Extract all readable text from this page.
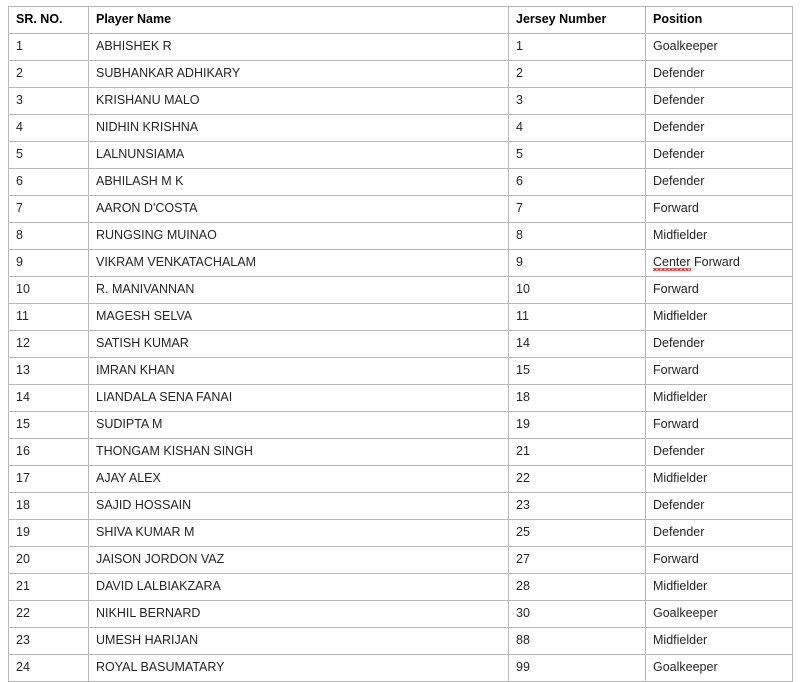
SR. NO.	Player Name	Jersey Number	Position
1	ABHISHEK R	1	Goalkeeper
2	SUBHANKAR ADHIKARY	2	Defender
3	KRISHANU MALO	3	Defender
4	NIDHIN KRISHNA	4	Defender
5	LALNUNSIAMA	5	Defender
6	ABHILASH M K	6	Defender
7	AARON D'COSTA	7	Forward
8	RUNGSING MUINAO	8	Midfielder
9	VIKRAM VENKATACHALAM	9	Center Forward
10	R. MANIVANNAN	10	Forward
11	MAGESH SELVA	11	Midfielder
12	SATISH KUMAR	14	Defender
13	IMRAN KHAN	15	Forward
14	LIANDALA SENA FANAI	18	Midfielder
15	SUDIPTA M	19	Forward
16	THONGAM KISHAN SINGH	21	Defender
17	AJAY ALEX	22	Midfielder
18	SAJID HOSSAIN	23	Defender
19	SHIVA KUMAR M	25	Defender
20	JAISON JORDON VAZ	27	Forward
21	DAVID LALBIAKZARA	28	Midfielder
22	NIKHIL BERNARD	30	Goalkeeper
23	UMESH HARIJAN	88	Midfielder
24	ROYAL BASUMATARY	99	Goalkeeper
